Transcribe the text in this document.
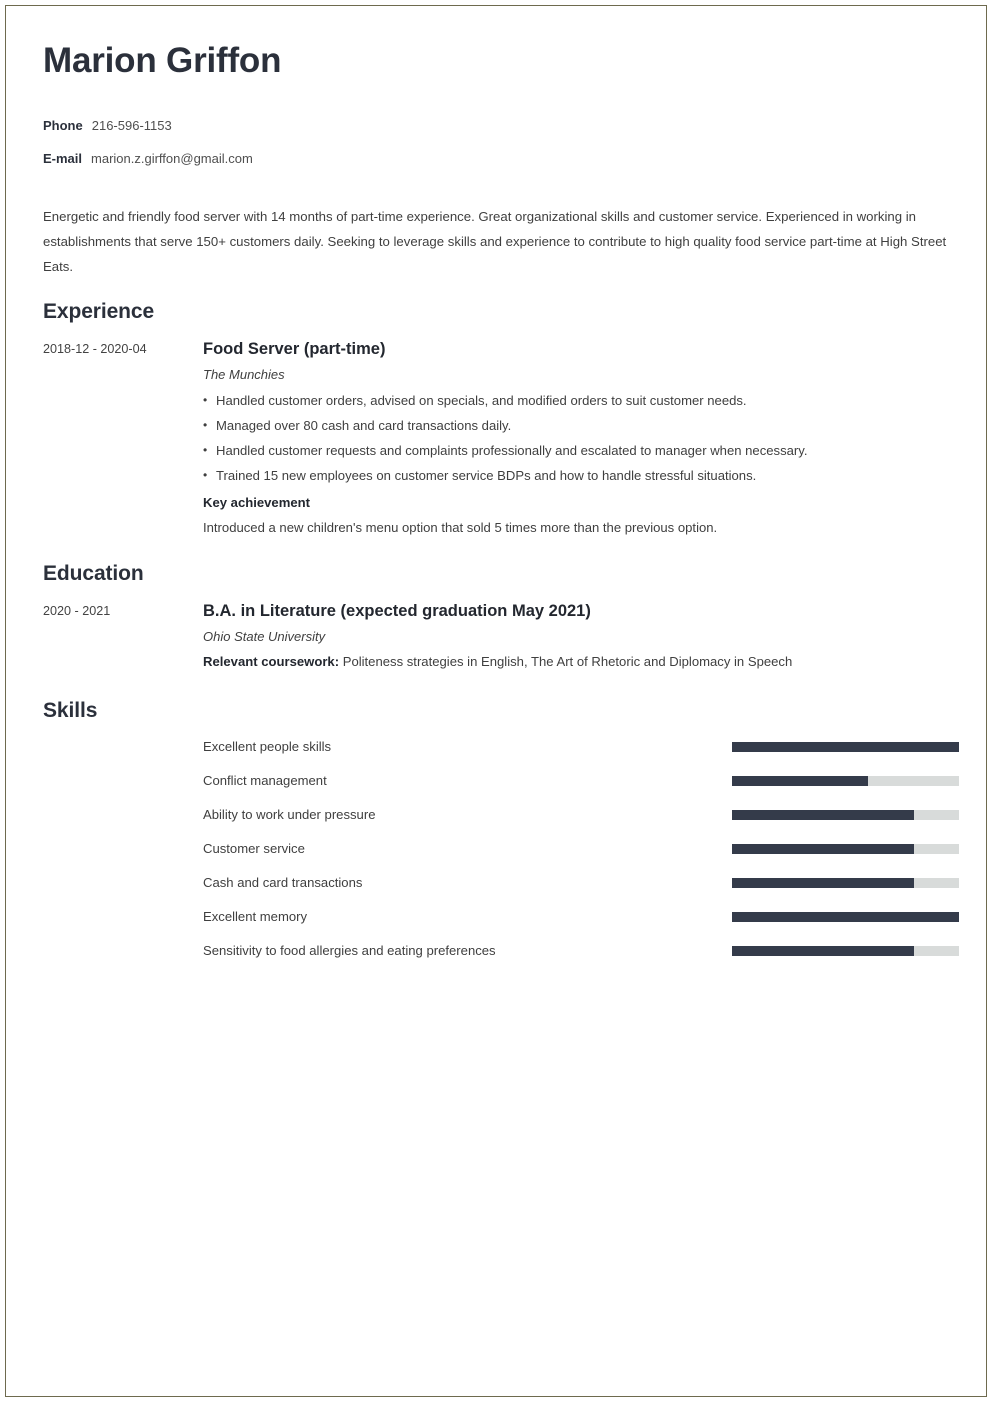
Marion Griffon
Phone 216-596-1153
E-mail marion.z.girffon@gmail.com
Energetic and friendly food server with 14 months of part-time experience. Great organizational skills and customer service. Experienced in working in establishments that serve 150+ customers daily. Seeking to leverage skills and experience to contribute to high quality food service part-time at High Street Eats.
Experience
2018-12 - 2020-04	Food Server (part-time)
The Munchies
• Handled customer orders, advised on specials, and modified orders to suit customer needs.
• Managed over 80 cash and card transactions daily.
• Handled customer requests and complaints professionally and escalated to manager when necessary.
• Trained 15 new employees on customer service BDPs and how to handle stressful situations.
Key achievement
Introduced a new children's menu option that sold 5 times more than the previous option.
Education
2020 - 2021	B.A. in Literature (expected graduation May 2021)
Ohio State University
Relevant coursework: Politeness strategies in English, The Art of Rhetoric and Diplomacy in Speech
Skills
Excellent people skills
Conflict management
Ability to work under pressure
Customer service
Cash and card transactions
Excellent memory
Sensitivity to food allergies and eating preferences
